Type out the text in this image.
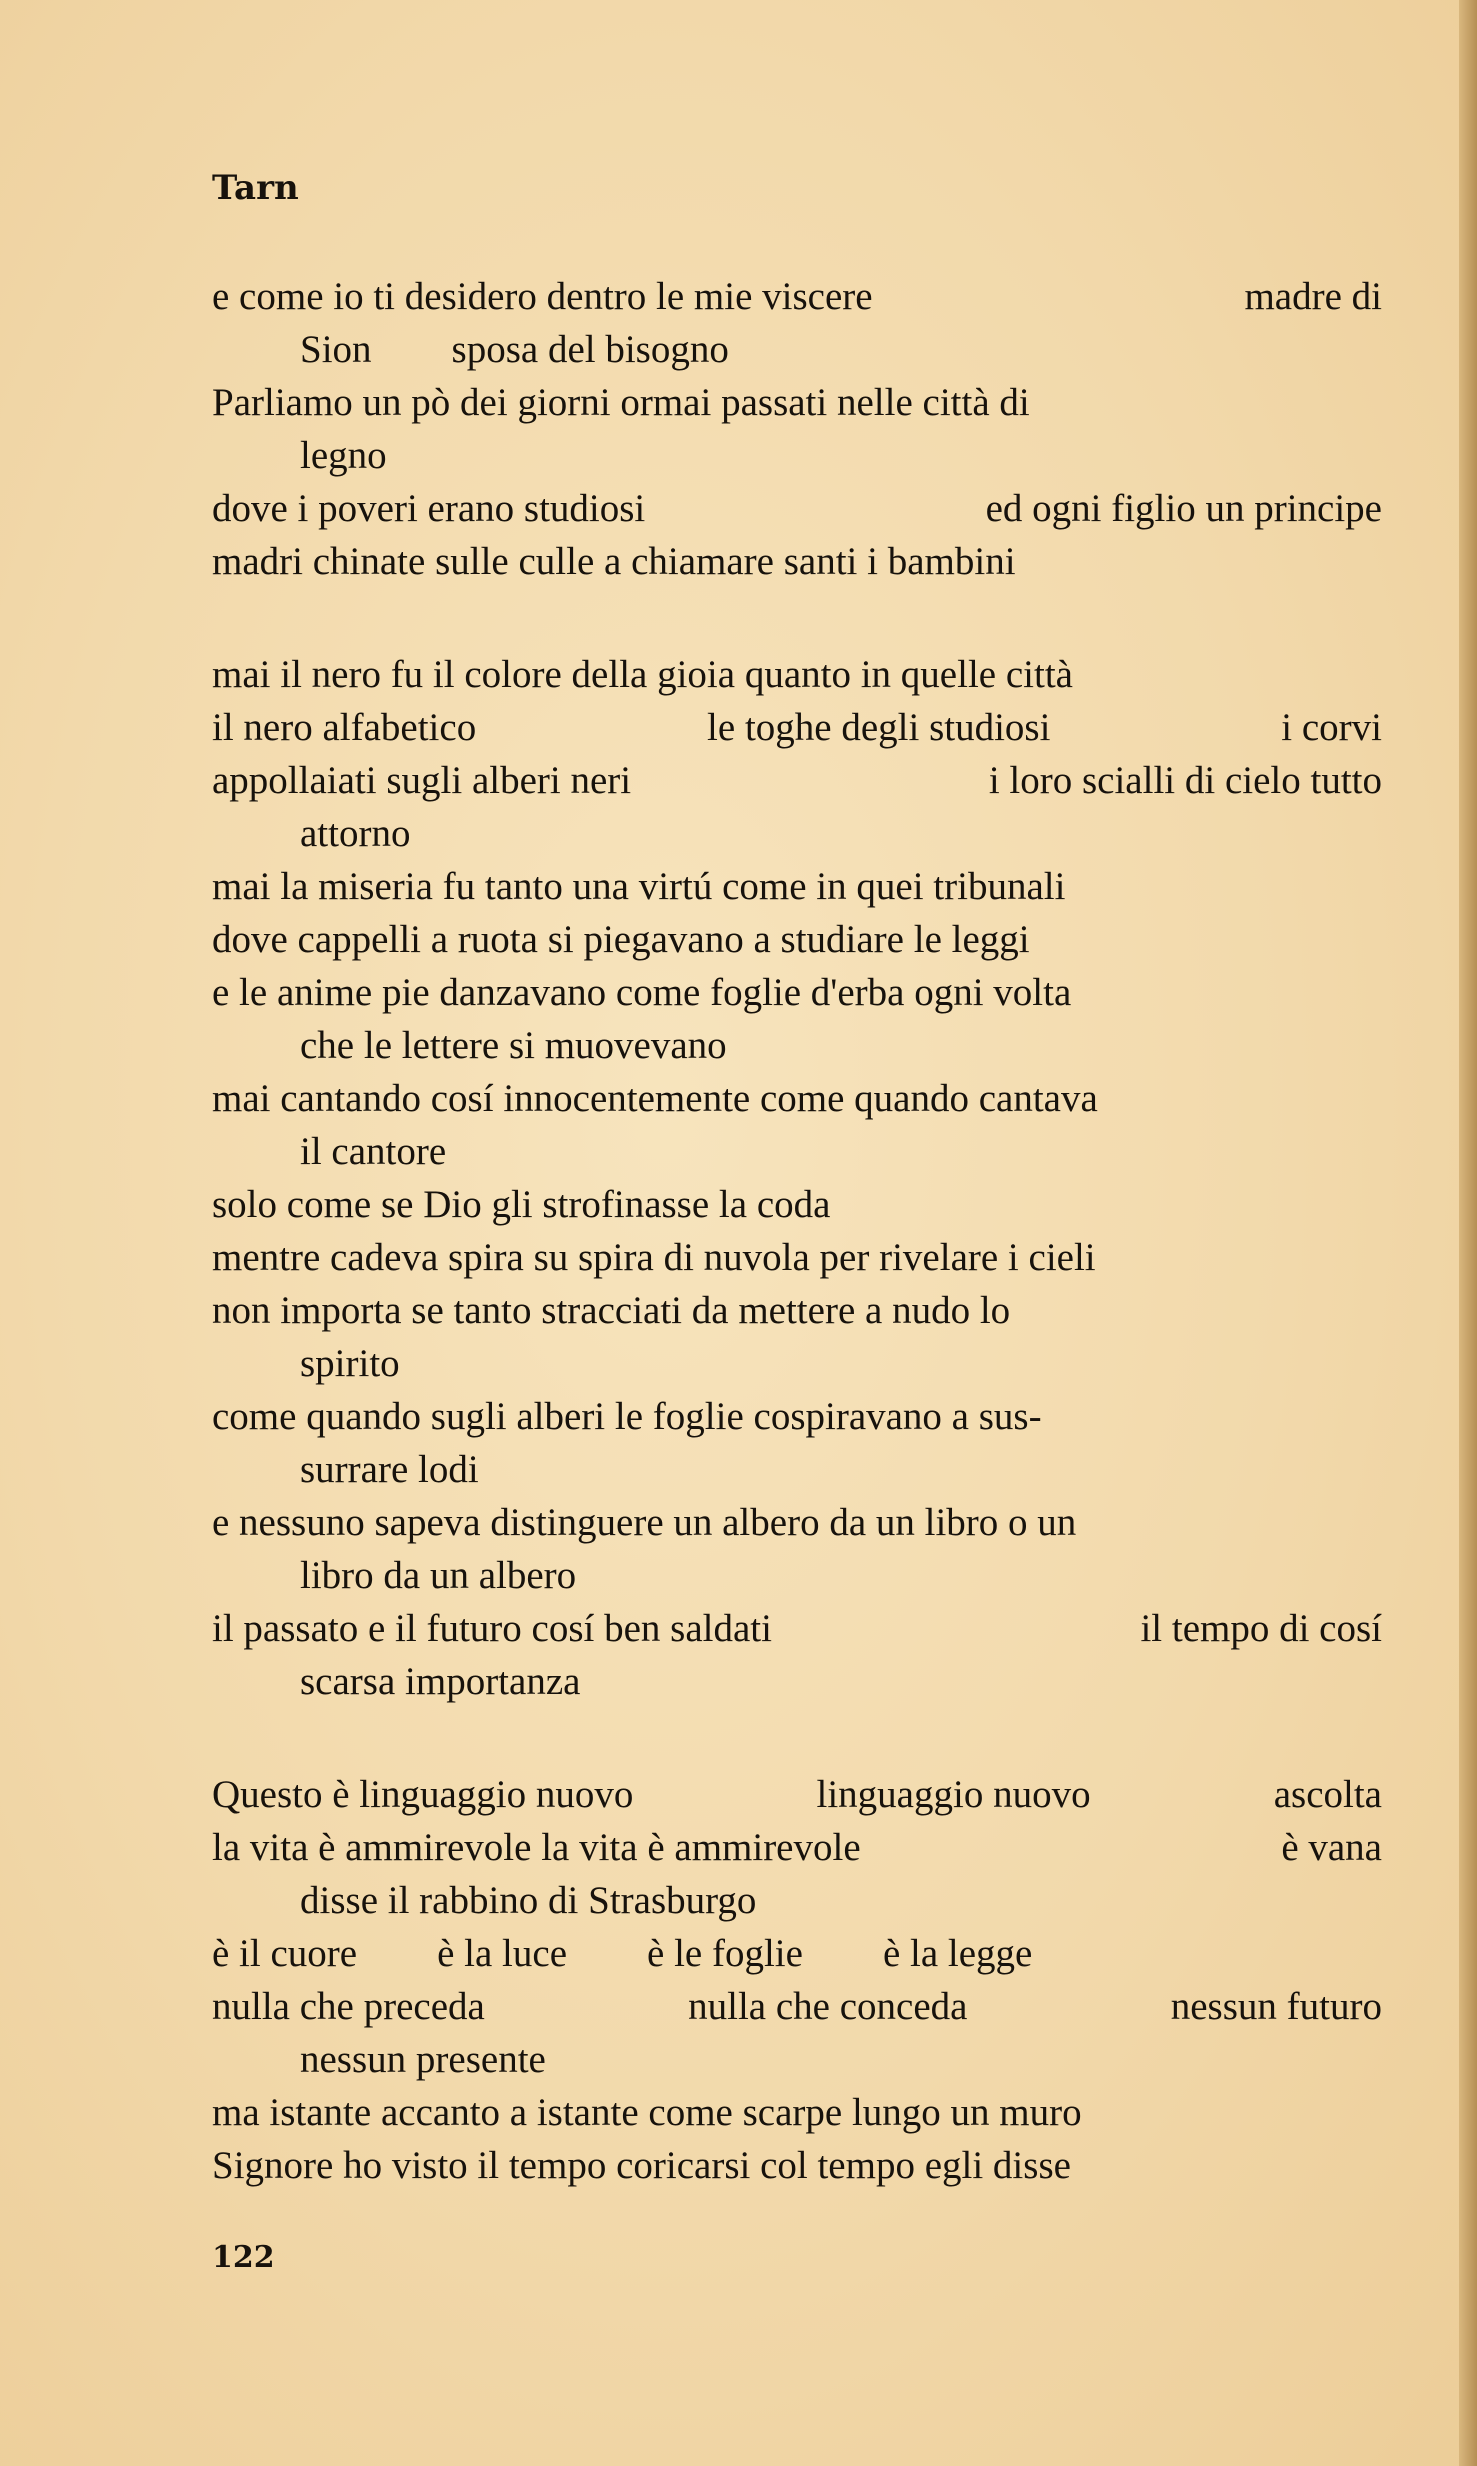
Tarn
e come io ti desidero dentro le mie viscere	madre di
Sion sposa del bisogno
Parliamo un pò dei giorni ormai passati nelle città di
legno
dove i poveri erano studiosi	ed ogni figlio un principe
madri chinate sulle culle a chiamare santi i bambini
mai il nero fu il colore della gioia quanto in quelle città
il nero alfabetico	le toghe degli studiosi	i corvi
appollaiati sugli alberi neri	i loro scialli di cielo tutto
attorno
mai la miseria fu tanto una virtú come in quei tribunali
dove cappelli a ruota si piegavano a studiare le leggi
e le anime pie danzavano come foglie d'erba ogni volta
che le lettere si muovevano
mai cantando cosí innocentemente come quando cantava
il cantore
solo come se Dio gli strofinasse la coda
mentre cadeva spira su spira di nuvola per rivelare i cieli
non importa se tanto stracciati da mettere a nudo lo
spirito
come quando sugli alberi le foglie cospiravano a sus-
surrare lodi
e nessuno sapeva distinguere un albero da un libro o un
libro da un albero
il passato e il futuro cosí ben saldati	il tempo di cosí
scarsa importanza
Questo è linguaggio nuovo	linguaggio nuovo	ascolta
la vita è ammirevole la vita è ammirevole	è vana
disse il rabbino di Strasburgo
è il cuore è la luce è le foglie è la legge
nulla che preceda	nulla che conceda	nessun futuro
nessun presente
ma istante accanto a istante come scarpe lungo un muro
Signore ho visto il tempo coricarsi col tempo egli disse
122
